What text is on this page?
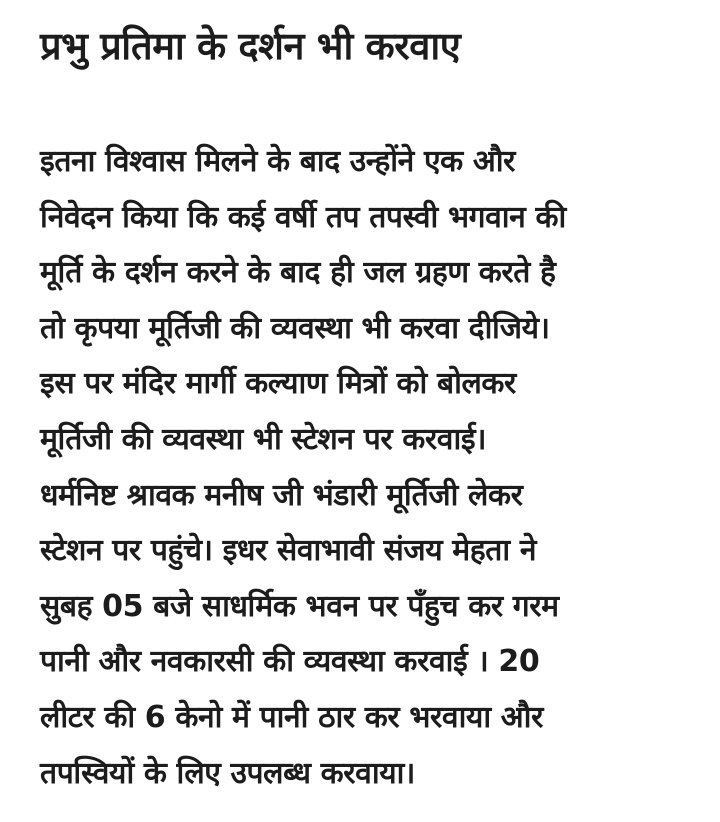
प्रभु प्रतिमा के दर्शन भी करवाए
इतना विश्वास मिलने के बाद उन्होंने एक और
निवेदन किया कि कई वर्षी तप तपस्वी भगवान की
मूर्ति के दर्शन करने के बाद ही जल ग्रहण करते है
तो कृपया मूर्तिजी की व्यवस्था भी करवा दीजिये।
इस पर मंदिर मार्गी कल्याण मित्रों को बोलकर
मूर्तिजी की व्यवस्था भी स्टेशन पर करवाई।
धर्मनिष्ट श्रावक मनीष जी भंडारी मूर्तिजी लेकर
स्टेशन पर पहुंचे। इधर सेवाभावी संजय मेहता ने
सुबह 05 बजे साधर्मिक भवन पर पँहुच कर गरम
पानी और नवकारसी की व्यवस्था करवाई । 20
लीटर की 6 केनो में पानी ठार कर भरवाया और
तपस्वियों के लिए उपलब्ध करवाया।
